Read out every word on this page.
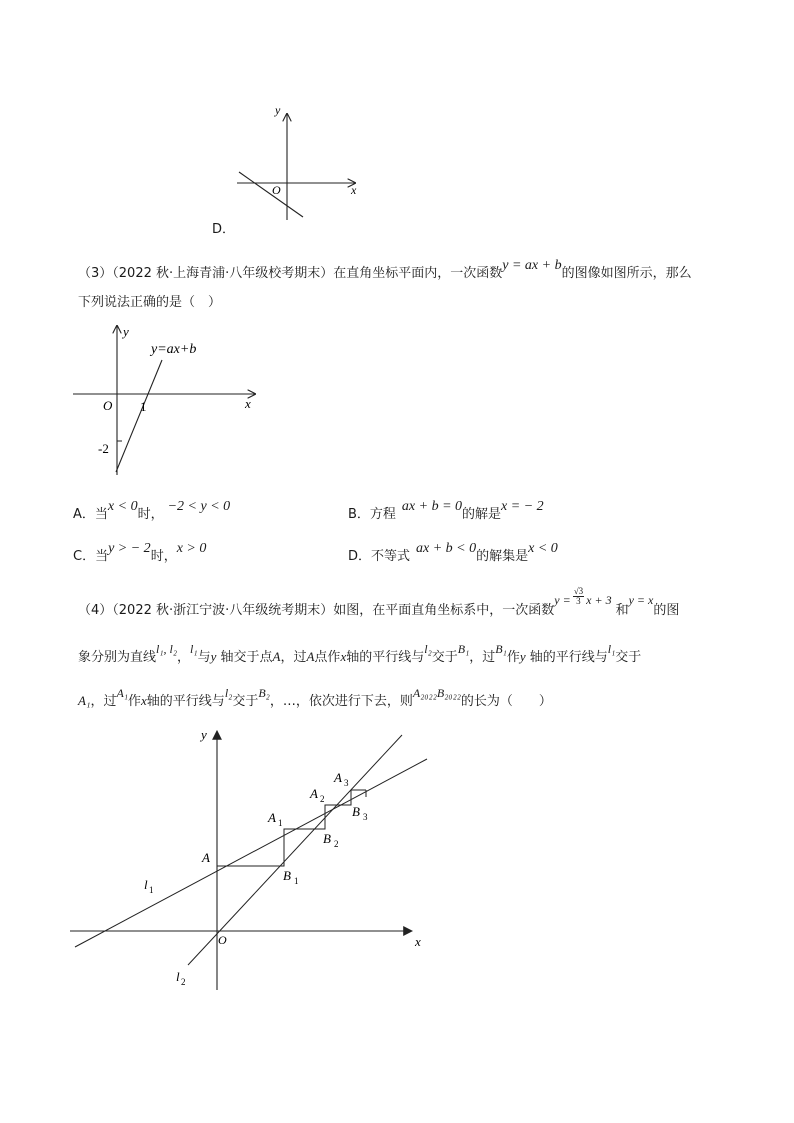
y
x
O
D．
（3）（2022 秋·上海青浦·八年级校考期末）在直角坐标平面内，一次函数y = ax + b的图像如图所示，那么
下列说法正确的是（　）
y
x
O 1
-2
y=ax+b
A．当x < 0时，−2 < y < 0
B．方程ax + b = 0的解是x = − 2
C．当y > − 2时，x > 0
D．不等式ax + b < 0的解集是x < 0
（4）（2022 秋·浙江宁波·八年级统考期末）如图，在平面直角坐标系中，一次函数$y = \frac{√3}{3}$ x + 3和y = x的图
象分别为直线l₁, l₂，l₁与y 轴交于点A，过A点作x轴的平行线与l₂交于B₁，过B₁作y 轴的平行线与l₁交于
A₁，过A₁作x轴的平行线与l₂交于B₂，…，依次进行下去，则A₂₀₂₂B₂₀₂₂的长为（　　）
y
x
O
A
A 1
A 2
A 3
B 1
B 2
B 3
l 1
l 2
